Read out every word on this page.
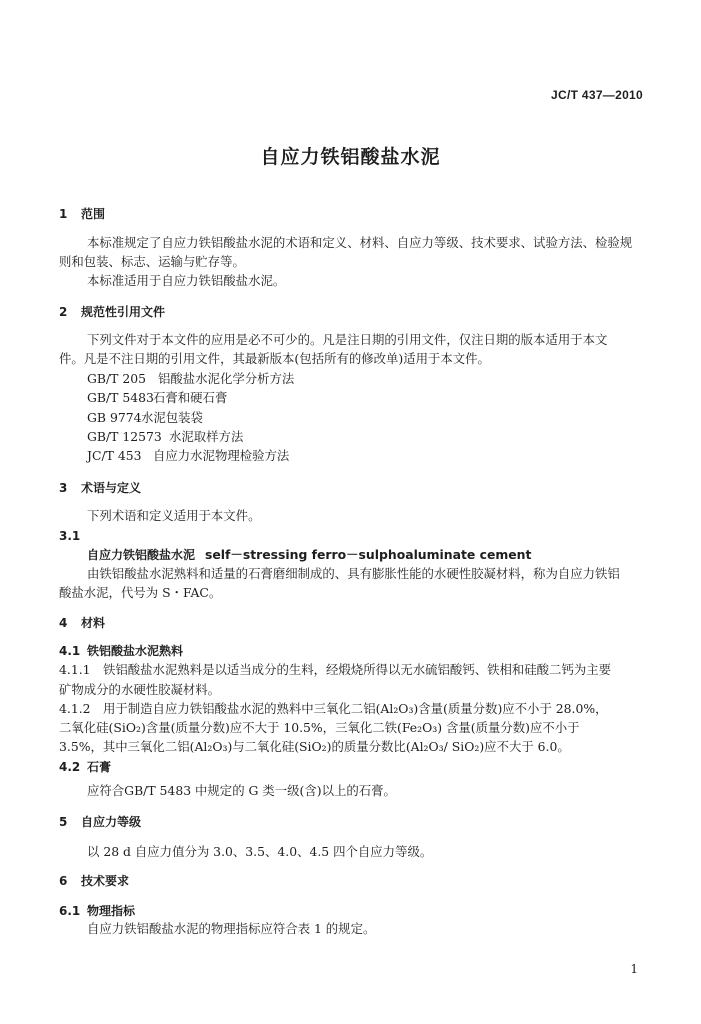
JC/T 437—2010
自应力铁铝酸盐水泥
1 范围
本标准规定了自应力铁铝酸盐水泥的术语和定义、材料、自应力等级、技术要求、试验方法、检验规
则和包装、标志、运输与贮存等。
本标准适用于自应力铁铝酸盐水泥。
2 规范性引用文件
下列文件对于本文件的应用是必不可少的。凡是注日期的引用文件，仅注日期的版本适用于本文
件。凡是不注日期的引用文件，其最新版本(包括所有的修改单)适用于本文件。
GB/T 205 铝酸盐水泥化学分析方法
GB/T 5483石膏和硬石膏
GB 9774水泥包装袋
GB/T 12573 水泥取样方法
JC/T 453 自应力水泥物理检验方法
3 术语与定义
下列术语和定义适用于本文件。
3.1
自应力铁铝酸盐水泥 self－stressing ferro－sulphoaluminate cement
由铁铝酸盐水泥熟料和适量的石膏磨细制成的、具有膨胀性能的水硬性胶凝材料，称为自应力铁铝
酸盐水泥，代号为 S・FAC。
4 材料
4.1 铁铝酸盐水泥熟料
4.1.1 铁铝酸盐水泥熟料是以适当成分的生料，经煅烧所得以无水硫铝酸钙、铁相和硅酸二钙为主要
矿物成分的水硬性胶凝材料。
4.1.2 用于制造自应力铁铝酸盐水泥的熟料中三氧化二铝(Al₂O₃)含量(质量分数)应不小于 28.0%，
二氧化硅(SiO₂)含量(质量分数)应不大于 10.5%，三氧化二铁(Fe₂O₃) 含量(质量分数)应不小于
3.5%，其中三氧化二铝(Al₂O₃)与二氧化硅(SiO₂)的质量分数比(Al₂O₃/ SiO₂)应不大于 6.0。
4.2 石膏
应符合GB/T 5483 中规定的 G 类一级(含)以上的石膏。
5 自应力等级
以 28 d 自应力值分为 3.0、3.5、4.0、4.5 四个自应力等级。
6 技术要求
6.1 物理指标
自应力铁铝酸盐水泥的物理指标应符合表 1 的规定。
1
